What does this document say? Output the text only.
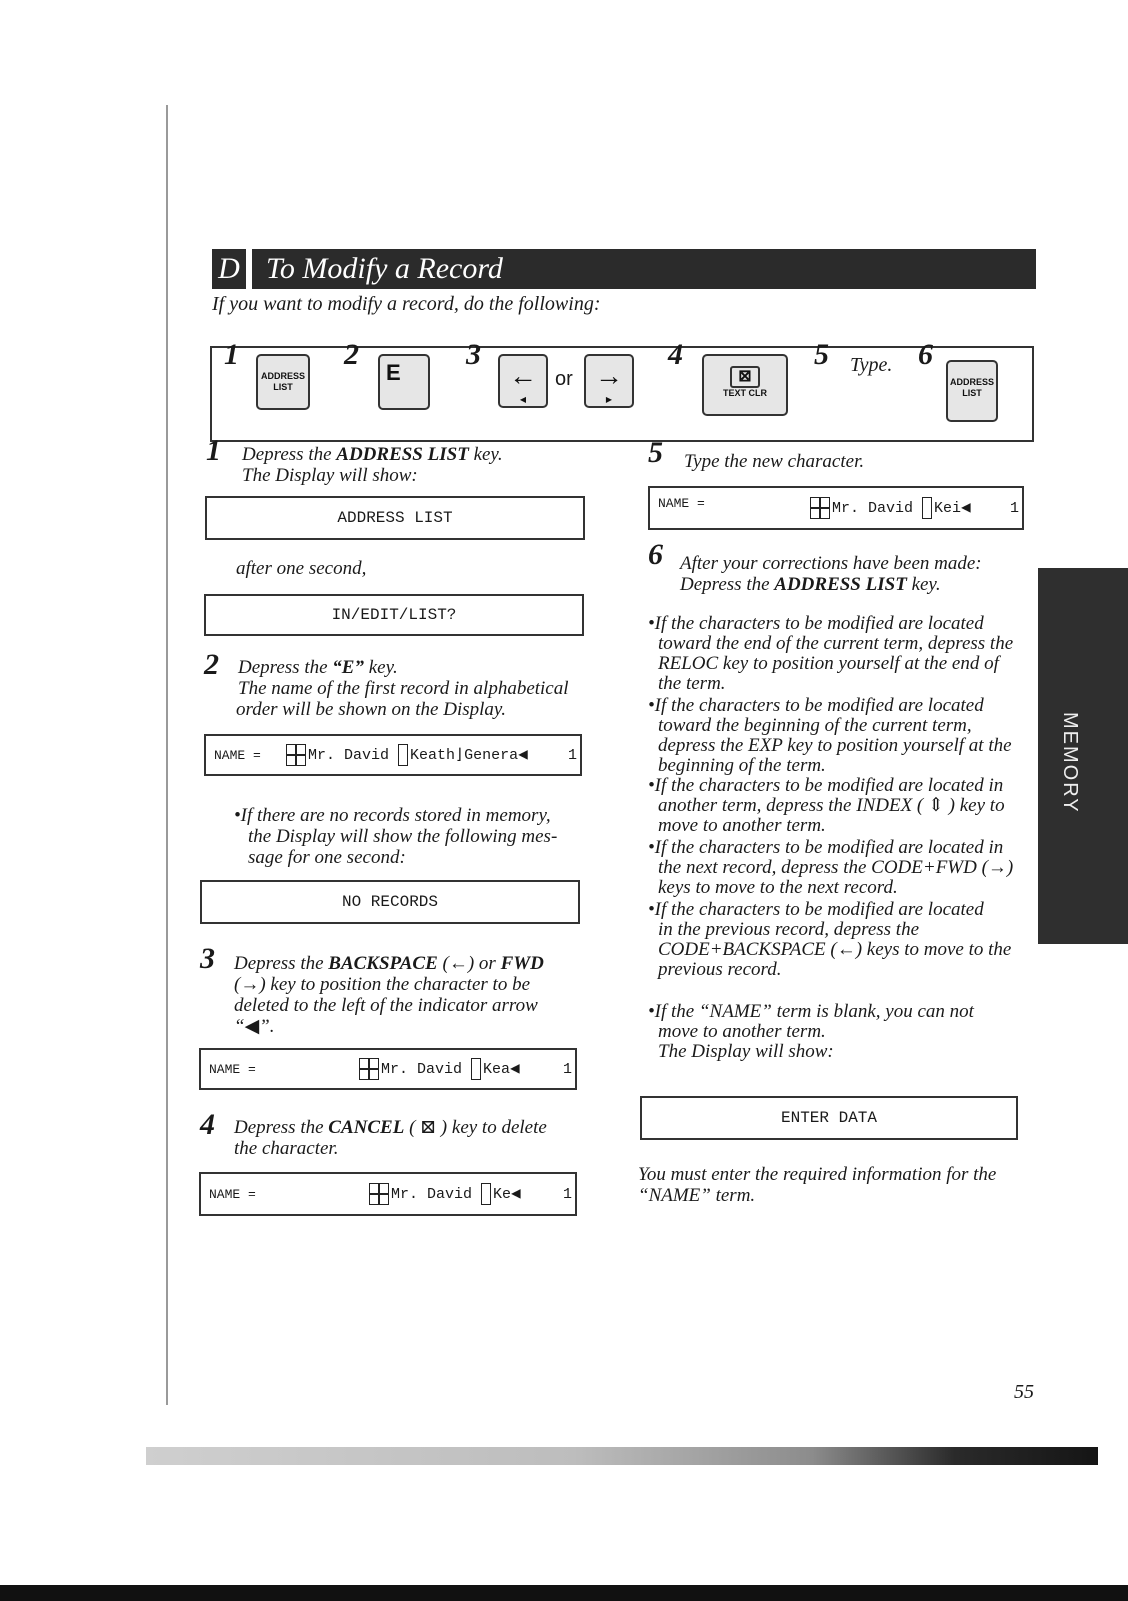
D To Modify a Record
If you want to modify a record, do the following:
1
ADDRESS LIST
2
E
3
←
◀
or →
▶
4
⊠
TEXT CLR
5 Type. 6
ADDRESS LIST
1 Depress the ADDRESS LIST key.
The Display will show:
ADDRESS LIST
after one second,
IN/EDIT/LIST?
2 Depress the “E” key.
The name of the first record in alphabetical
order will be shown on the Display.
NAME =	Mr. David Keath⌋Genera◀	1
•If there are no records stored in memory,
the Display will show the following mes-
sage for one second:
NO RECORDS
3 Depress the BACKSPACE (←) or FWD
(→) key to position the character to be
deleted to the left of the indicator arrow
“◀”.
NAME =	Mr. David Kea◀	1
4 Depress the CANCEL ( ⊠ ) key to delete
the character.
NAME =	Mr. David Ke◀	1
5 Type the new character.
NAME =	Mr. David Kei◀	1
6 After your corrections have been made:
Depress the ADDRESS LIST key.
•If the characters to be modified are located
toward the end of the current term, depress the
RELOC key to position yourself at the end of
the term.
•If the characters to be modified are located
toward the beginning of the current term,
depress the EXP key to position yourself at the
beginning of the term.
•If the characters to be modified are located in
another term, depress the INDEX ( ⇕ ) key to
move to another term.
•If the characters to be modified are located in
the next record, depress the CODE+FWD (→)
keys to move to the next record.
•If the characters to be modified are located
in the previous record, depress the
CODE+BACKSPACE (←) keys to move to the
previous record.
•If the “NAME” term is blank, you can not
move to another term.
The Display will show:
ENTER DATA
You must enter the required information for the
“NAME” term.
MEMORY
55
